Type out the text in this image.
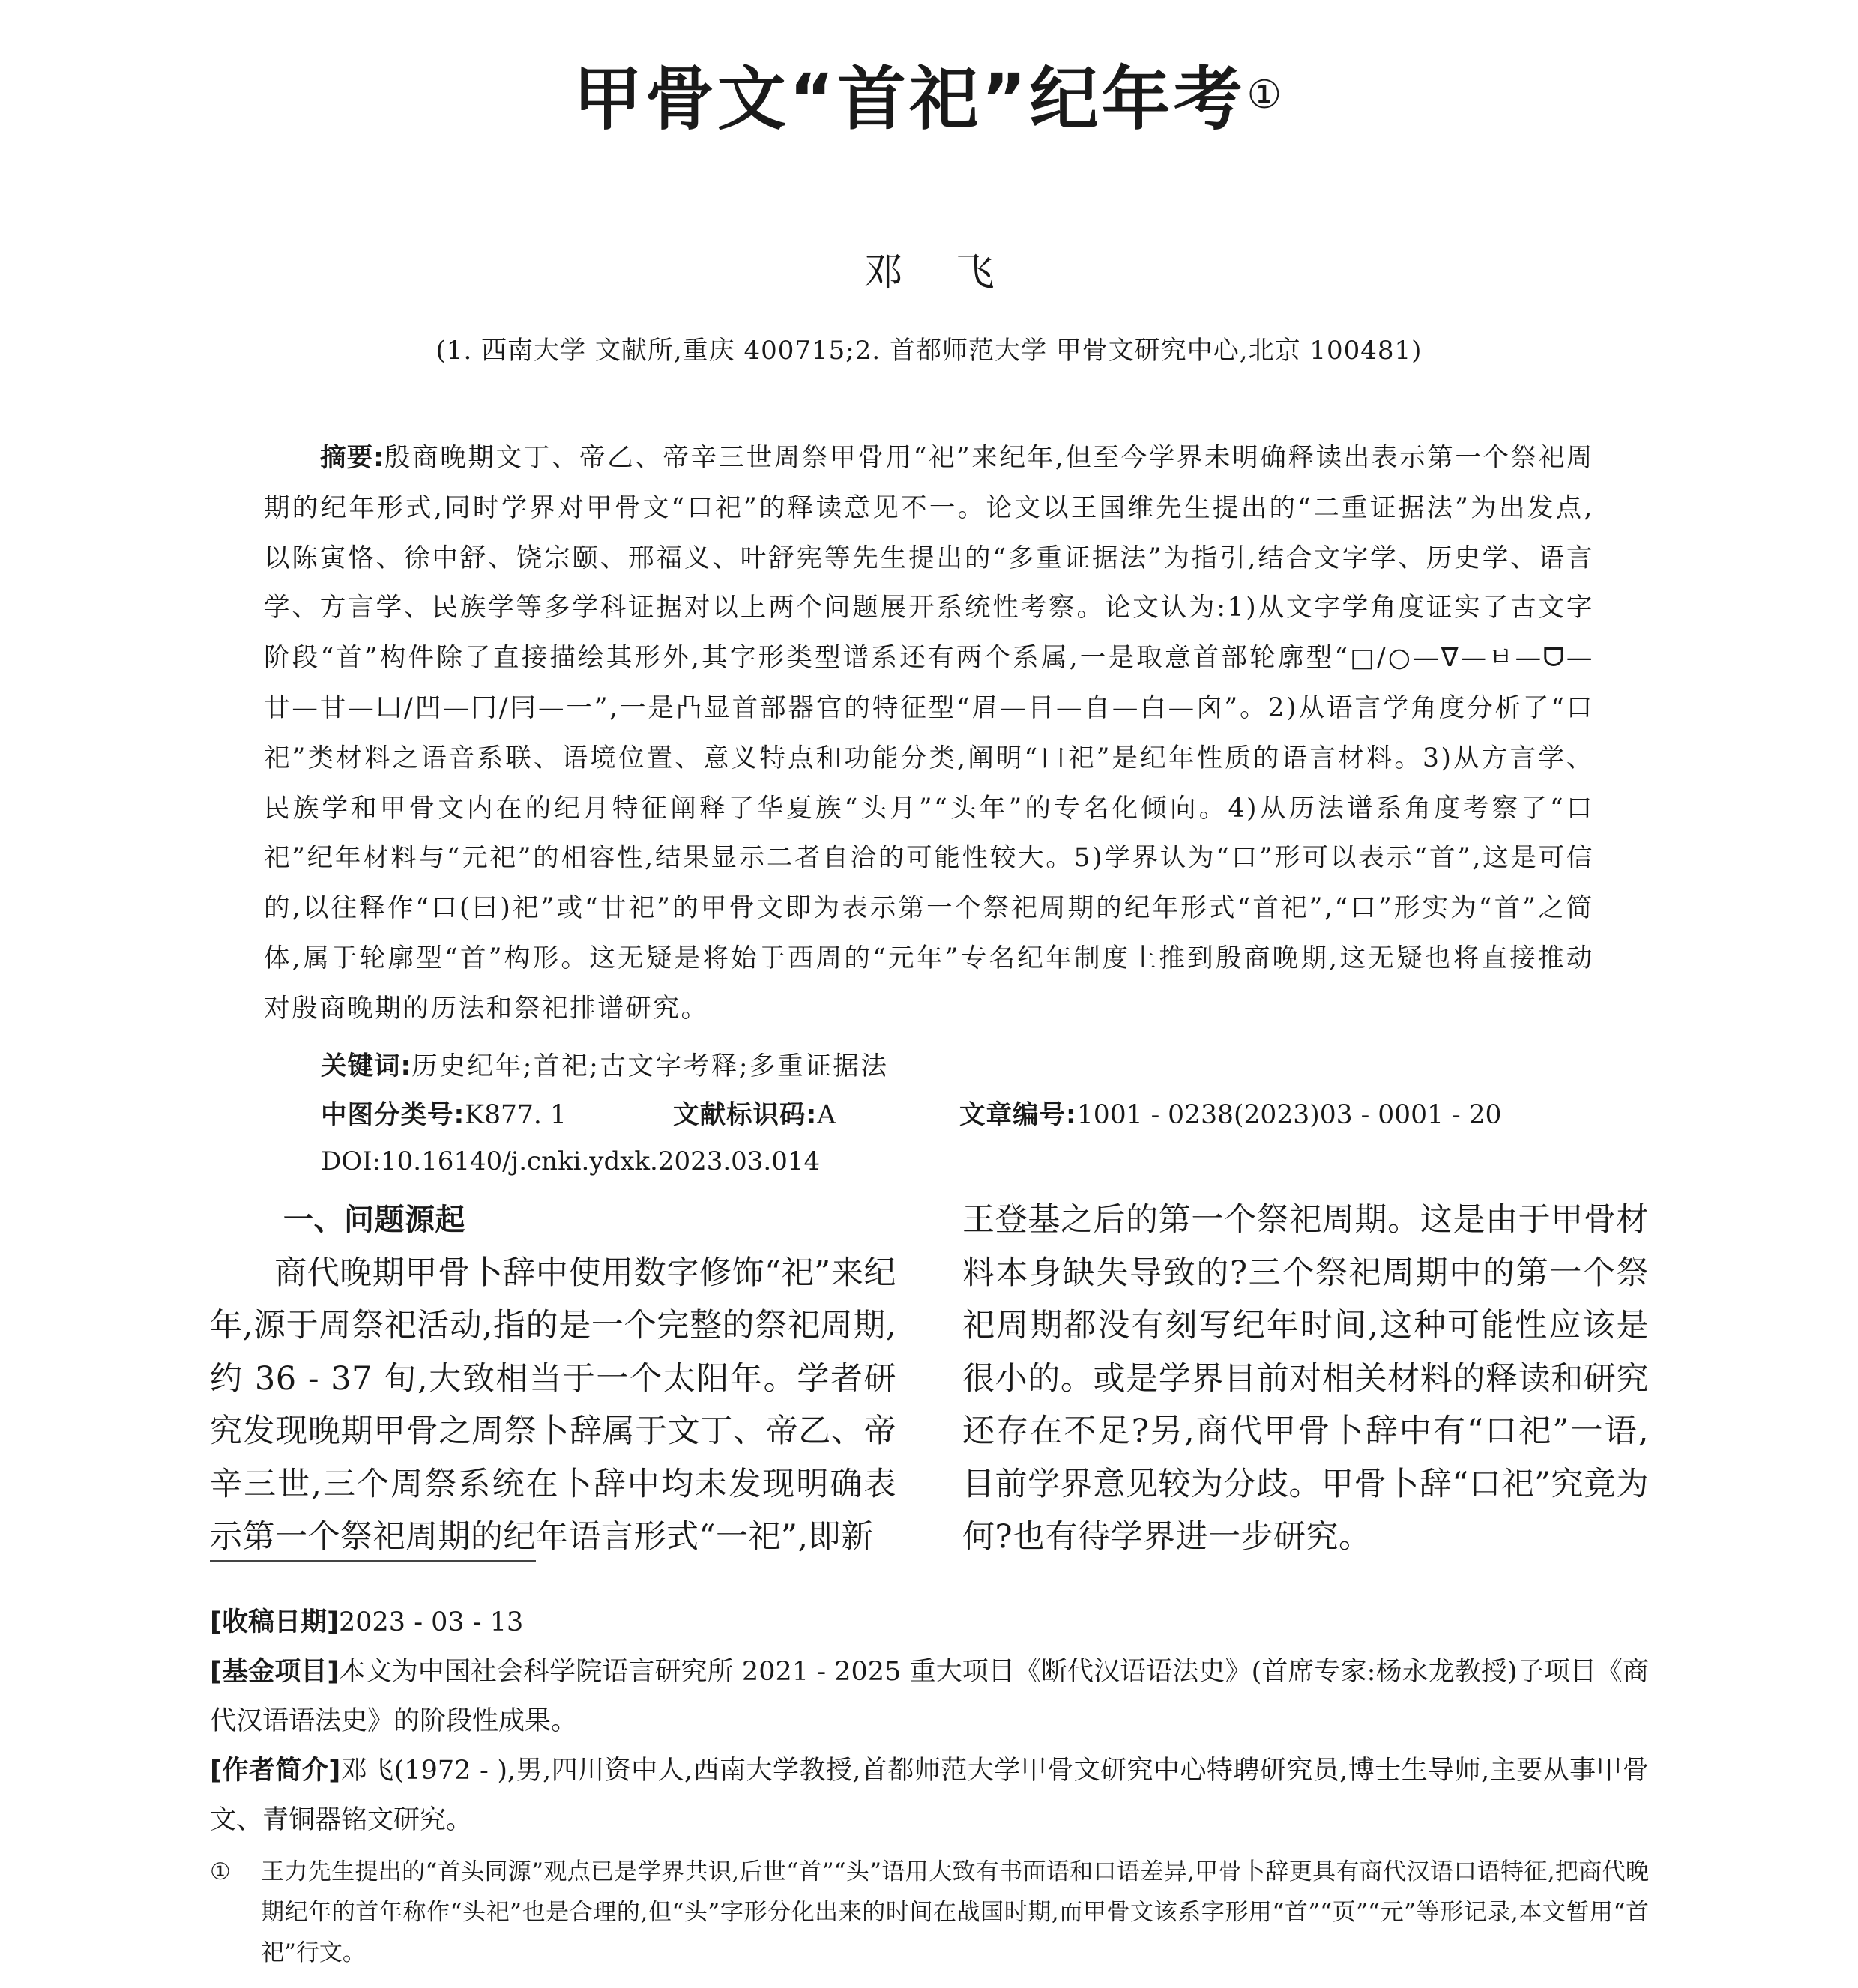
甲骨文“首祀”纪年考①
邓飞
(1. 西南大学 文献所,重庆 400715;2. 首都师范大学 甲骨文研究中心,北京 100481)
摘要:殷商晚期文丁、帝乙、帝辛三世周祭甲骨用“祀”来纪年,但至今学界未明确释读出表示第一个祭祀周期的纪年形式,同时学界对甲骨文“口祀”的释读意见不一。论文以王国维先生提出的“二重证据法”为出发点,以陈寅恪、徐中舒、饶宗颐、邢福义、叶舒宪等先生提出的“多重证据法”为指引,结合文字学、历史学、语言学、方言学、民族学等多学科证据对以上两个问题展开系统性考察。论文认为:1)从文字学角度证实了古文字阶段“首”构件除了直接描绘其形外,其字形类型谱系还有两个系属,一是取意首部轮廓型“□/○—ᐁ—ㅂ—ᗜ—廿—甘—凵/凹—冂/冃—一”,一是凸显首部器官的特征型“眉—目—自—白—囟”。2)从语言学角度分析了“口祀”类材料之语音系联、语境位置、意义特点和功能分类,阐明“口祀”是纪年性质的语言材料。3)从方言学、民族学和甲骨文内在的纪月特征阐释了华夏族“头月”“头年”的专名化倾向。4)从历法谱系角度考察了“口祀”纪年材料与“元祀”的相容性,结果显示二者自洽的可能性较大。5)学界认为“口”形可以表示“首”,这是可信的,以往释作“口(曰)祀”或“廿祀”的甲骨文即为表示第一个祭祀周期的纪年形式“首祀”,“口”形实为“首”之简体,属于轮廓型“首”构形。这无疑是将始于西周的“元年”专名纪年制度上推到殷商晚期,这无疑也将直接推动对殷商晚期的历法和祭祀排谱研究。
关键词:历史纪年;首祀;古文字考释;多重证据法
中图分类号:K877. 1	文献标识码:A	文章编号:1001 - 0238(2023)03 - 0001 - 20
DOI:10.16140/j.cnki.ydxk.2023.03.014
一、问题源起
商代晚期甲骨卜辞中使用数字修饰“祀”来纪年,源于周祭祀活动,指的是一个完整的祭祀周期,约 36 - 37 旬,大致相当于一个太阳年。学者研究发现晚期甲骨之周祭卜辞属于文丁、帝乙、帝辛三世,三个周祭系统在卜辞中均未发现明确表示第一个祭祀周期的纪年语言形式“一祀”,即新
王登基之后的第一个祭祀周期。这是由于甲骨材料本身缺失导致的?三个祭祀周期中的第一个祭祀周期都没有刻写纪年时间,这种可能性应该是很小的。或是学界目前对相关材料的释读和研究还存在不足?另,商代甲骨卜辞中有“口祀”一语,目前学界意见较为分歧。甲骨卜辞“口祀”究竟为何?也有待学界进一步研究。

[收稿日期]2023 - 03 - 13

[基金项目]本文为中国社会科学院语言研究所 2021 - 2025 重大项目《断代汉语语法史》(首席专家:杨永龙教授)子项目《商代汉语语法史》的阶段性成果。

[作者简介]邓飞(1972 - ),男,四川资中人,西南大学教授,首都师范大学甲骨文研究中心特聘研究员,博士生导师,主要从事甲骨文、青铜器铭文研究。

① 王力先生提出的“首头同源”观点已是学界共识,后世“首”“头”语用大致有书面语和口语差异,甲骨卜辞更具有商代汉语口语特征,把商代晚期纪年的首年称作“头祀”也是合理的,但“头”字形分化出来的时间在战国时期,而甲骨文该系字形用“首”“页”“元”等形记录,本文暂用“首祀”行文。
